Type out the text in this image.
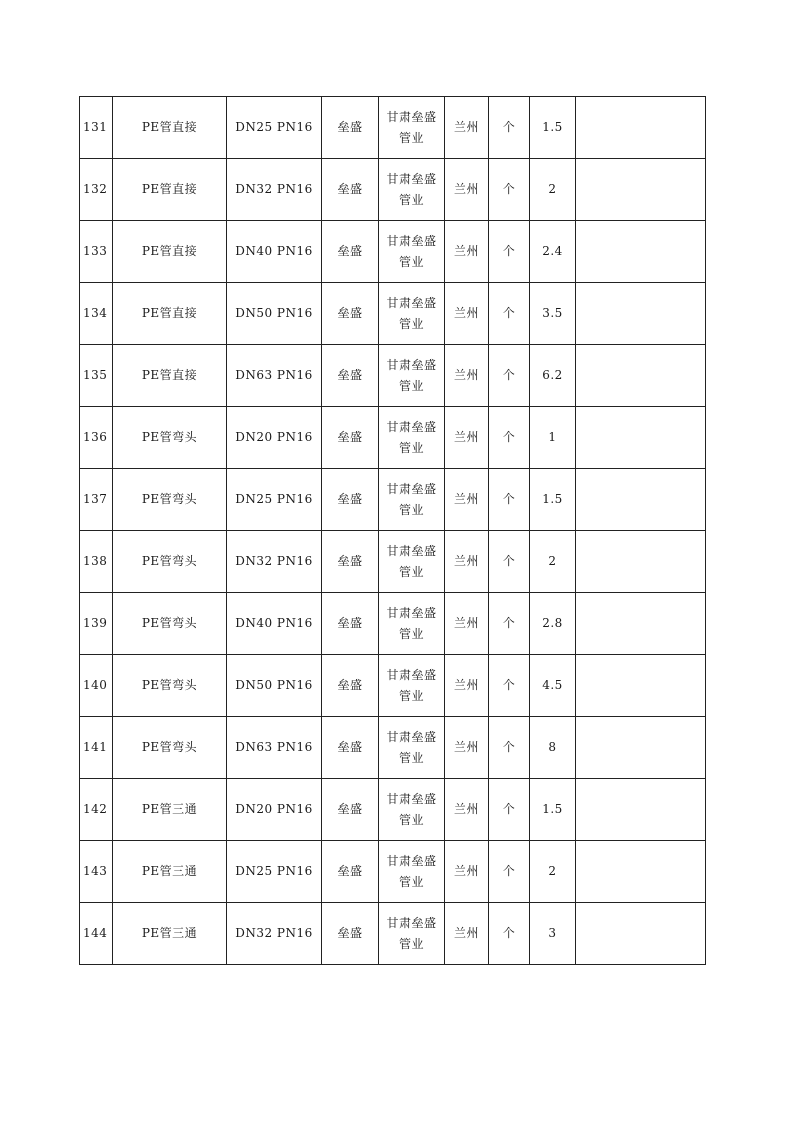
131	PE管直接	DN25 PN16	垒盛	甘肃垒盛管业	兰州	个	1.5	
132	PE管直接	DN32 PN16	垒盛	甘肃垒盛管业	兰州	个	2	
133	PE管直接	DN40 PN16	垒盛	甘肃垒盛管业	兰州	个	2.4	
134	PE管直接	DN50 PN16	垒盛	甘肃垒盛管业	兰州	个	3.5	
135	PE管直接	DN63 PN16	垒盛	甘肃垒盛管业	兰州	个	6.2	
136	PE管弯头	DN20 PN16	垒盛	甘肃垒盛管业	兰州	个	1	
137	PE管弯头	DN25 PN16	垒盛	甘肃垒盛管业	兰州	个	1.5	
138	PE管弯头	DN32 PN16	垒盛	甘肃垒盛管业	兰州	个	2	
139	PE管弯头	DN40 PN16	垒盛	甘肃垒盛管业	兰州	个	2.8	
140	PE管弯头	DN50 PN16	垒盛	甘肃垒盛管业	兰州	个	4.5	
141	PE管弯头	DN63 PN16	垒盛	甘肃垒盛管业	兰州	个	8	
142	PE管三通	DN20 PN16	垒盛	甘肃垒盛管业	兰州	个	1.5	
143	PE管三通	DN25 PN16	垒盛	甘肃垒盛管业	兰州	个	2	
144	PE管三通	DN32 PN16	垒盛	甘肃垒盛管业	兰州	个	3	
